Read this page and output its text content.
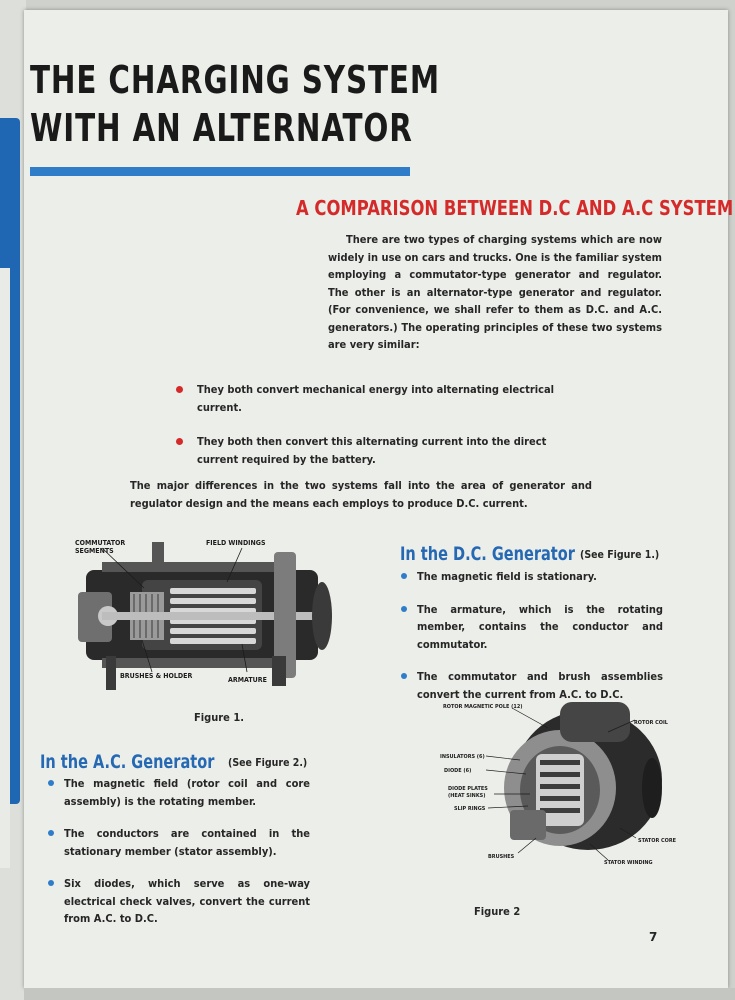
THE CHARGING SYSTEM
WITH AN ALTERNATOR
A COMPARISON BETWEEN D.C AND A.C SYSTEM

There are two types of charging systems which are now widely in use on cars and trucks. One is the familiar system employing a commutator-type generator and regulator. The other is an alternator-type generator and regulator. (For convenience, we shall refer to them as D.C. and A.C. generators.) The operating principles of these two systems are very similar:

They both convert mechanical energy into alternating electrical current.
They both then convert this alternating current into the direct current required by the battery.

The major differences in the two systems fall into the area of generator and regulator design and the means each employs to produce D.C. current.

COMMUTATOR
SEGMENTS
FIELD WINDINGS
BRUSHES & HOLDER	ARMATURE

Figure 1.

In the D.C. Generator (See Figure 1.)
The magnetic field is stationary.
The armature, which is the rotating member, contains the conductor and commutator.
The commutator and brush assemblies convert the current from A.C. to D.C.
ROTOR MAGNETIC POLE (12)
ROTOR COIL
INSULATORS (6)
DIODE (6)
DIODE PLATES
(HEAT SINKS)
SLIP RINGS
STATOR CORE
BRUSHES
STATOR WINDING

Figure 2

In the A.C. Generator (See Figure 2.)
The magnetic field (rotor coil and core assembly) is the rotating member.
The conductors are contained in the stationary member (stator assembly).
Six diodes, which serve as one-way electrical check valves, convert the current from A.C. to D.C.

7
